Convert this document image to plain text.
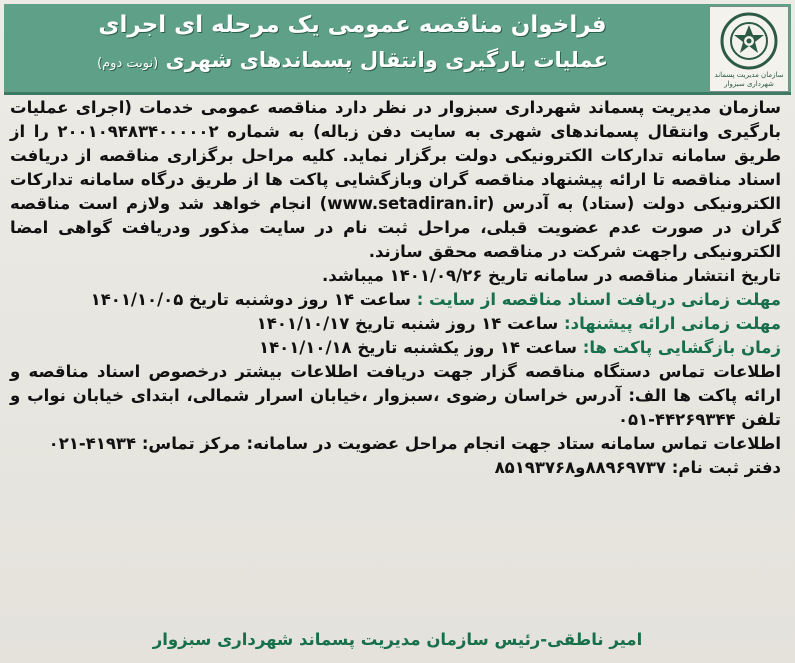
فراخوان مناقصه عمومی یک مرحله ای اجرای
عملیات بارگیری وانتقال پسماندهای شهری (نوبت دوم)
سازمان مدیریت پسماند شهرداری سبزوار

سازمان مدیریت پسماند شهرداری سبزوار در نظر دارد مناقصه عمومی خدمات (اجرای عملیات بارگیری وانتقال پسماندهای شهری به سایت دفن زباله) به شماره ۲۰۰۱۰۹۴۸۳۴۰۰۰۰۰۲ را از طریق سامانه تدارکات الکترونیکی دولت برگزار نماید. کلیه مراحل برگزاری مناقصه از دریافت اسناد مناقصه تا ارائه پیشنهاد مناقصه گران وبازگشایی پاکت ها از طریق درگاه سامانه تدارکات الکترونیکی دولت (ستاد) به آدرس (www.setadiran.ir) انجام خواهد شد ولازم است مناقصه گران در صورت عدم عضویت قبلی، مراحل ثبت نام در سایت مذکور ودریافت گواهی امضا الکترونیکی راجهت شرکت در مناقصه محقق سازند.

تاریخ انتشار مناقصه در سامانه تاریخ ۱۴۰۱/۰۹/۲۶ میباشد.

مهلت زمانی دریافت اسناد مناقصه از سایت : ساعت ۱۴ روز دوشنبه تاریخ ۱۴۰۱/۱۰/۰۵

مهلت زمانی ارائه پیشنهاد: ساعت ۱۴ روز شنبه تاریخ ۱۴۰۱/۱۰/۱۷

زمان بازگشایی پاکت ها: ساعت ۱۴ روز یکشنبه تاریخ ۱۴۰۱/۱۰/۱۸

اطلاعات تماس دستگاه مناقصه گزار جهت دریافت اطلاعات بیشتر درخصوص اسناد مناقصه و ارائه پاکت ها الف: آدرس خراسان رضوی ،سبزوار ،خیابان اسرار شمالی، ابتدای خیابان نواب و تلفن ۴۴۲۶۹۳۴۴-۰۵۱

اطلاعات تماس سامانه ستاد جهت انجام مراحل عضویت در سامانه: مرکز تماس: ۴۱۹۳۴-۰۲۱

دفتر ثبت نام: ۸۸۹۶۹۷۳۷و۸۵۱۹۳۷۶۸

امیر ناطقی-رئیس سازمان مدیریت پسماند شهرداری سبزوار
